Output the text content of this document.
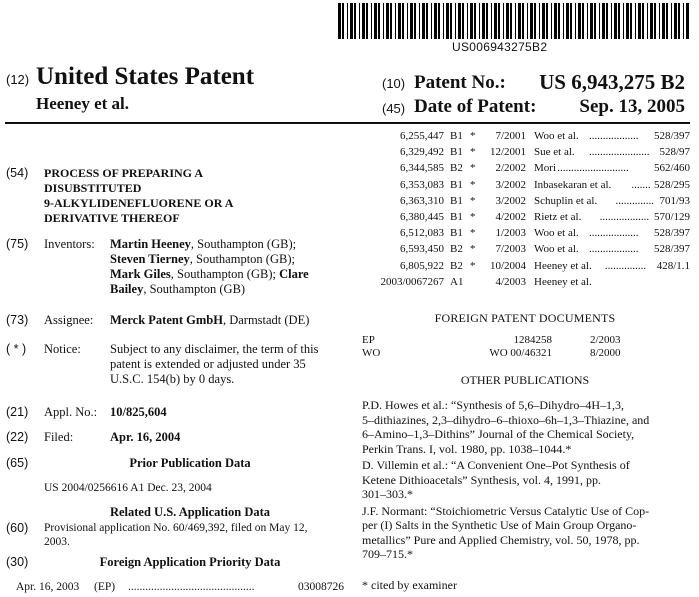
US006943275B2
(12) United States Patent
Heeney et al.
(10) Patent No.: US 6,943,275 B2
(45) Date of Patent: Sep. 13, 2005
(54) PROCESS OF PREPARING A
DISUBSTITUTED
9-ALKYLIDENEFLUORENE OR A
DERIVATIVE THEREOF
(75) Inventors: Martin Heeney, Southampton (GB);
Steven Tierney, Southampton (GB);
Mark Giles, Southampton (GB); Clare
Bailey, Southampton (GB)
(73) Assignee: Merck Patent GmbH, Darmstadt (DE)
( * ) Notice: Subject to any disclaimer, the term of this
patent is extended or adjusted under 35
U.S.C. 154(b) by 0 days.
(21) Appl. No.: 10/825,604
(22) Filed:	Apr. 16, 2004
(65)	Prior Publication Data
US 2004/0256616 A1 Dec. 23, 2004
Related U.S. Application Data
(60) Provisional application No. 60/469,392, filed on May 12,
2003.
(30)	Foreign Application Priority Data
Apr. 16, 2003 (EP) ............................................	03008726
6,255,447 B1 *	7/2001 Woo et al. .................. 528/397
6,329,492 B1 *	12/2001 Sue et al. ...................... 528/97
6,344,585 B2 *	2/2002 Mori .......................... 562/460
6,353,083 B1 *	3/2002 Inbasekaran et al. ....... 528/295
6,363,310 B1 *	3/2002 Schuplin et al. .............. 701/93
6,380,445 B1 *	4/2002 Rietz et al. .................. 570/129
6,512,083 B1 *	1/2003 Woo et al. .................. 528/397
6,593,450 B2 *	7/2003 Woo et al. .................. 528/397
6,805,922 B2 *	10/2004 Heeney et al. ............... 428/1.1
2003/0067267 A1	4/2003 Heeney et al.
FOREIGN PATENT DOCUMENTS
EP	1284258	2/2003
WO	WO 00/46321	8/2000
OTHER PUBLICATIONS
P.D. Howes et al.: “Synthesis of 5,6–Dihydro–4H–1,3,
5–dithiazines, 2,3–dihydro–6–thioxo–6h–1,3–Thiazine, and
6–Amino–1,3–Dithins” Journal of the Chemical Society,
Perkin Trans. I, vol. 1980, pp. 1038–1044.*
D. Villemin et al.: “A Convenient One–Pot Synthesis of
Ketene Dithioacetals” Synthesis, vol. 4, 1991, pp.
301–303.*
J.F. Normant: “Stoichiometric Versus Catalytic Use of Cop-
per (I) Salts in the Synthetic Use of Main Group Organo-
metallics” Pure and Applied Chemistry, vol. 50, 1978, pp.
709–715.*
* cited by examiner
